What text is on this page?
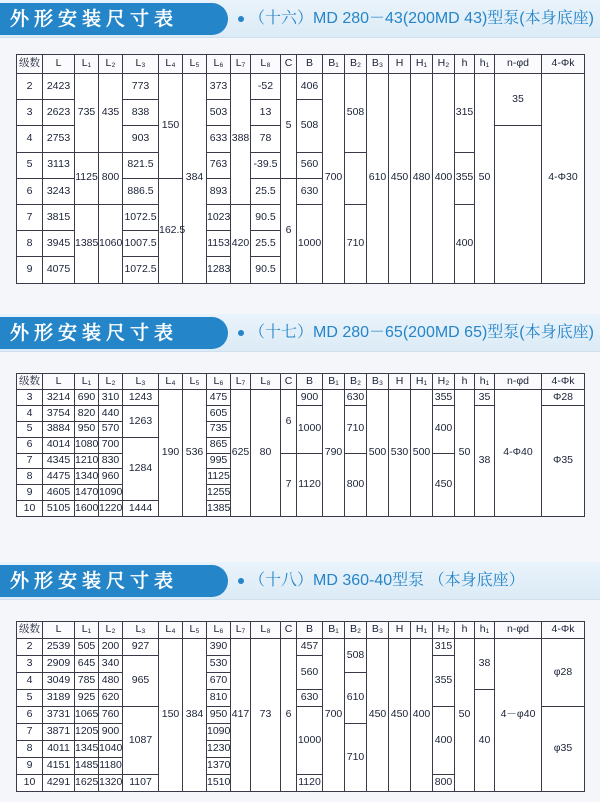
外形安装尺寸表	（十六）MD 280－43(200MD 43)型泵(本身底座)
级数	L	L₁	L₂	L₃	L₄	L₅	L₆	L₇	L₈	C	B	B₁	B₂	B₃	H	H₁	H₂	h	h₁	n-φd	4-Φk	
2	2423	735	435	773	150	384	373	388	-52	5	406	700	508	610	450	480	400	315	50	35	4-Φ30	
3	2623			838			503		13		508											
4	2753			903			633		78													
5	3113	1125	800	821.5			763		-39.5		560							355				
6	3243			886.5	162.5		893		25.5	6	630	
7	3815	1385	1060	1072.5			1023	420	90.5		1000		710					400				
8	3945			1007.5			1153		25.5													
9	4075			1072.5			1283		90.5													
外形安装尺寸表	（十七）MD 280－65(200MD 65)型泵(本身底座)
级数	L	L₁	L₂	L₃	L₄	L₅	L₆	L₇	L₈	C	B	B₁	B₂	B₃	H	H₁	H₂	h	h₁	n-φd	4-Φk
3	3214	690	310	1243	190	536	475	625	80	6	900	790	630	500	530	500	355	50	35	4-Φ40	Φ28
4	3754	820	440	1263			605				1000		710				400		38		Φ35
5	3884	950	570				735														
6	4014	1080	700	1284			865														
7	4345	1210	830				995			7	1120		800				450				
8	4475	1340	960				1125														
9	4605	1470	1090				1255														
10	5105	1600	1220	1444			1385														
外形安装尺寸表	（十八）MD 360-40型泵 （本身底座）
级数	L	L₁	L₂	L₃	L₄	L₅	L₆	L₇	L₈	C	B	B₁	B₂	B₃	H	H₁	H₂	h	h₁	n-φd	4-Φk	
2	2539	505	200	927	150	384	390	417	73	6	457	700	508	450	450	400	315	50	38	4－φ40	φ28	
3	2909	645	340	965			530				560						355					
4	3049	785	480				670						610									
5	3189	925	620				810				630								40			
6	3731	1065	760	1087			950				1000						400				φ35	
7	3871	1205	900				1090						710									
8	4011	1345	1040				1230															
9	4151	1485	1180				1370															
10	4291	1625	1320	1107			1510				1120						800	
